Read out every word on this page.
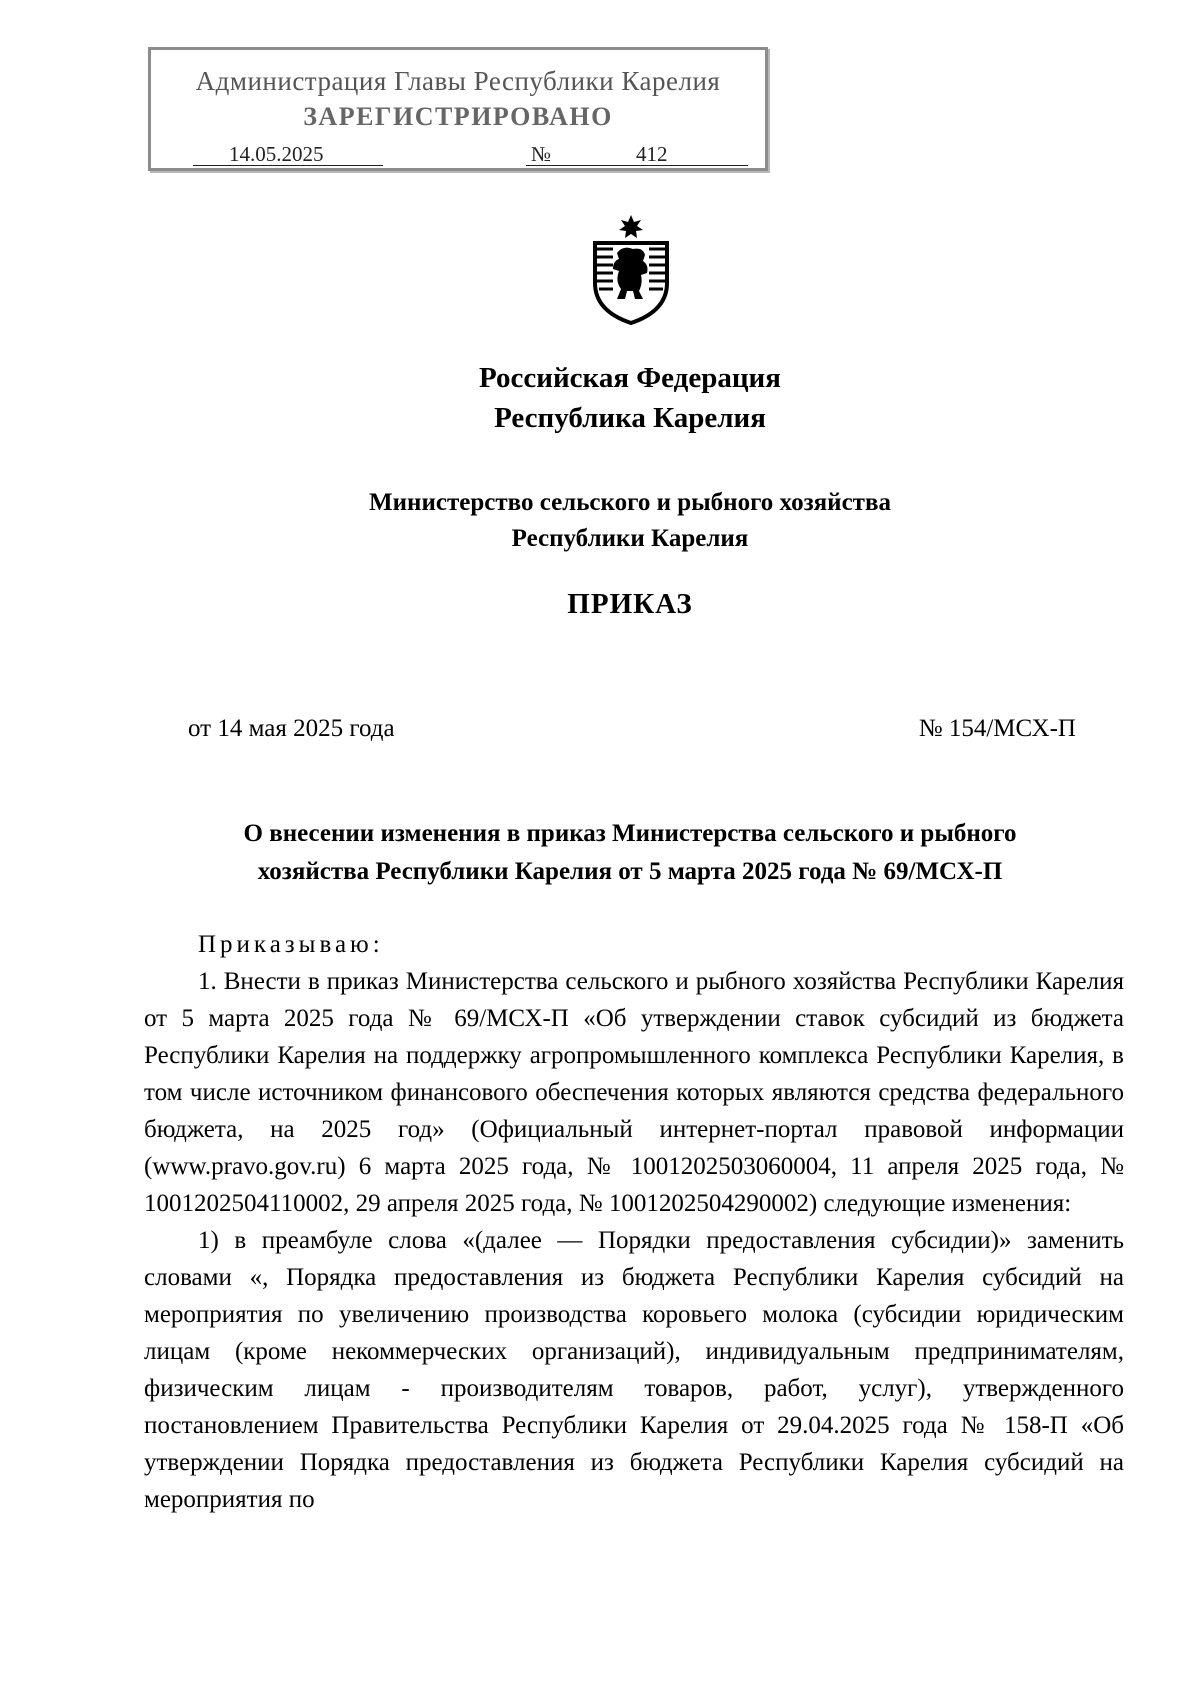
Администрация Главы Республики Карелия
ЗАРЕГИСТРИРОВАНО
14.05.2025	№	412
Российская Федерация
Республика Карелия
Министерство сельского и рыбного хозяйства
Республики Карелия
ПРИКАЗ
от 14 мая 2025 года	№ 154/МСХ-П
О внесении изменения в приказ Министерства сельского и рыбного
хозяйства Республики Карелия от 5 марта 2025 года № 69/МСХ-П

Приказываю:

1. Внести в приказ Министерства сельского и рыбного хозяйства Республики Карелия от 5 марта 2025 года № 69/МСХ-П «Об утверждении ставок субсидий из бюджета Республики Карелия на поддержку агропромышленного комплекса Республики Карелия, в том числе источником финансового обеспечения которых являются средства федерального бюджета, на 2025 год» (Официальный интернет-портал правовой информации (www.pravo.gov.ru) 6 марта 2025 года, № 1001202503060004, 11 апреля 2025 года, № 1001202504110002, 29 апреля 2025 года, № 1001202504290002) следующие изменения:

1) в преамбуле слова «(далее — Порядки предоставления субсидии)» заменить словами «, Порядка предоставления из бюджета Республики Карелия субсидий на мероприятия по увеличению производства коровьего молока (субсидии юридическим лицам (кроме некоммерческих организаций), индивидуальным предпринимателям, физическим лицам - производителям товаров, работ, услуг), утвержденного постановлением Правительства Республики Карелия от 29.04.2025 года № 158-П «Об утверждении Порядка предоставления из бюджета Республики Карелия субсидий на мероприятия по
